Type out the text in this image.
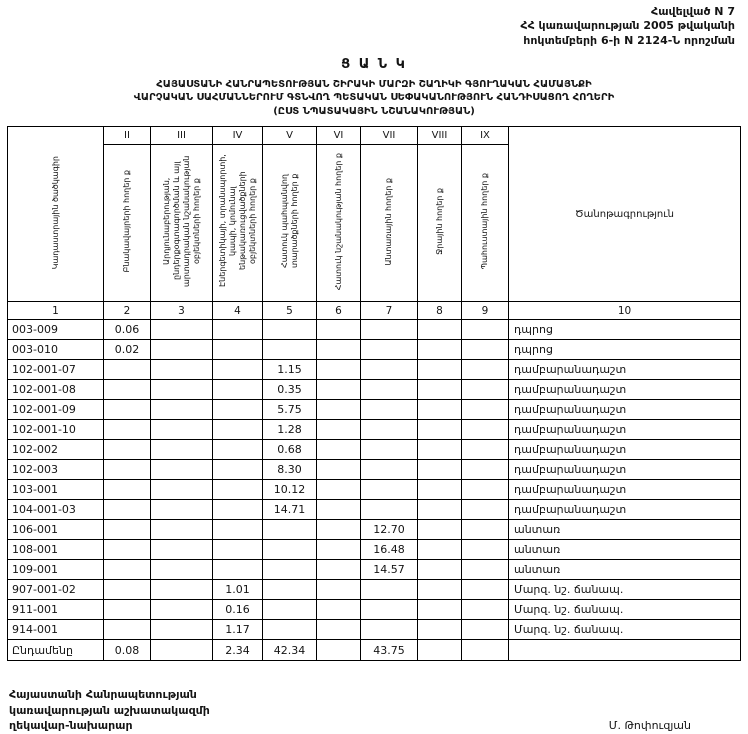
Հավելված N 7
ՀՀ կառավարության 2005 թվականի
հոկտեմբերի 6-ի N 2124-Ն որոշման
Ց Ա Ն Կ
ՀԱՅԱՍՏԱՆԻ ՀԱՆՐԱՊԵՏՈՒԹՅԱՆ ՇԻՐԱԿԻ ՄԱՐԶԻ ՇԱՂԻԿԻ ԳՅՈՒՂԱԿԱՆ ՀԱՄԱՅՆՔԻ
ՎԱՐՉԱԿԱՆ ՍԱՀՄԱՆՆԵՐՈՒՄ ԳՏՆՎՈՂ ՊԵՏԱԿԱՆ ՍԵՓԱԿԱՆՈՒԹՅՈՒՆ ՀԱՆԴԻՍԱՑՈՂ ՀՈՂԵՐԻ
(ԸՍՏ ՆՊԱՏԱԿԱՅԻՆ ՆՇԱՆԱԿՈՒԹՅԱՆ)
Կադաստրային ծածկագիր	II	III	IV	V	VI	VII	VIII	IX	Ծանոթագրություն
	Բնակավայրերի հողեր ք	Արդյունաբերության, ընդերքօգտագործման և այլ արտադրական նշանակության օբյեկտների հողեր ք	Էներգետիկայի, տրանսպորտի, կապի, կոմունալ ենթակառուցվածքների օբյեկտների հողեր ք	Հատուկ պահպանվող տարածքների հողեր ք	Հատուկ նշանակության հողեր ք	Անտառային հողեր ք	Ջրային հողեր ք	Պահուստային հողեր ք	
1	2	3	4	5	6	7	8	9	10
003-009	0.06								դպրոց
003-010	0.02								դպրոց
102-001-07				1.15					դամբարանադաշտ
102-001-08				0.35					դամբարանադաշտ
102-001-09				5.75					դամբարանադաշտ
102-001-10				1.28					դամբարանադաշտ
102-002				0.68					դամբարանադաշտ
102-003				8.30					դամբարանադաշտ
103-001				10.12					դամբարանադաշտ
104-001-03				14.71					դամբարանադաշտ
106-001						12.70			անտառ
108-001						16.48			անտառ
109-001						14.57			անտառ
907-001-02			1.01						Մարզ. նշ. ճանապ.
911-001			0.16						Մարզ. նշ. ճանապ.
914-001			1.17						Մարզ. նշ. ճանապ.
Ընդամենը	0.08		2.34	42.34		43.75			
Հայաստանի Հանրապետության
կառավարության աշխատակազմի
ղեկավար-նախարար	Մ. Թոփուզյան
